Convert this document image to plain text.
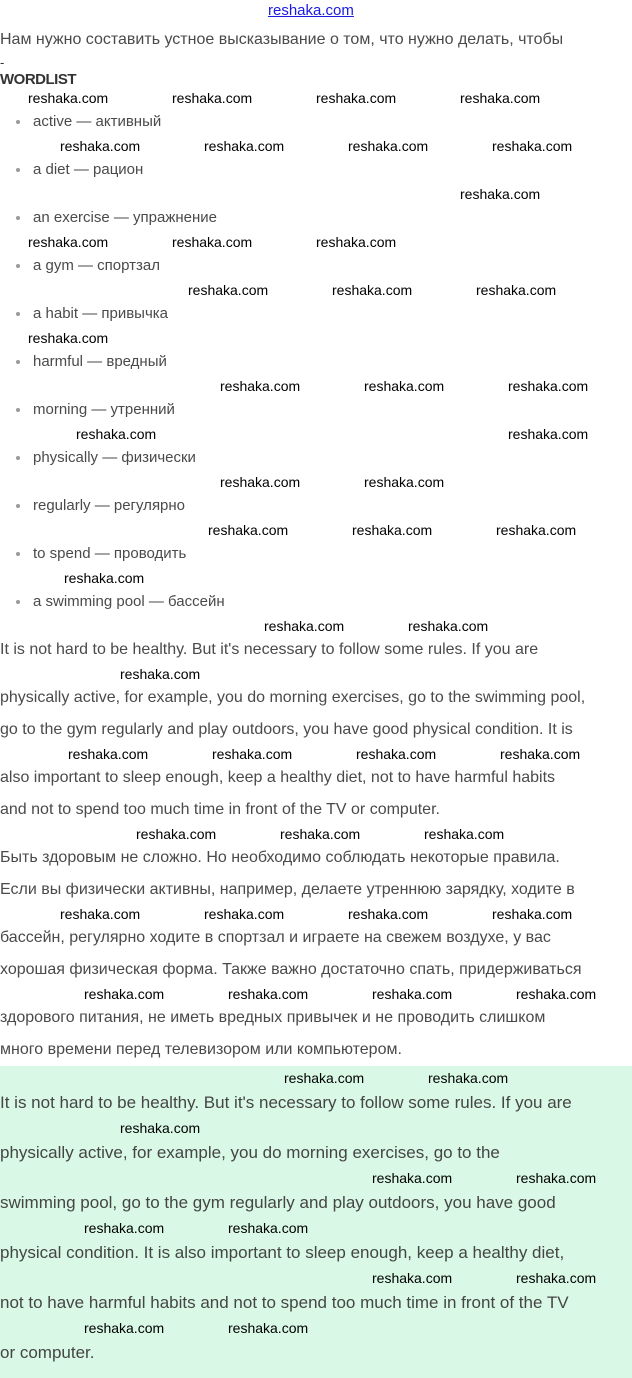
reshaka.com
Нам нужно составить устное высказывание о том, что нужно делать, чтобы
-
WORDLIST
reshaka.com	reshaka.com	reshaka.com	reshaka.com
active — активный
reshaka.com	reshaka.com	reshaka.com	reshaka.com
a diet — рацион
reshaka.com
an exercise — упражнение
reshaka.com	reshaka.com	reshaka.com
a gym — спортзал
reshaka.com	reshaka.com	reshaka.com
a habit — привычка
reshaka.com
harmful — вредный
reshaka.com	reshaka.com	reshaka.com
morning — утренний
reshaka.com	reshaka.com
physically — физически
reshaka.com	reshaka.com
regularly — регулярно
reshaka.com	reshaka.com	reshaka.com
to spend — проводить
reshaka.com
a swimming pool — бассейн
reshaka.com	reshaka.com
It is not hard to be healthy. But it's necessary to follow some rules. If you are
reshaka.com
physically active, for example, you do morning exercises, go to the swimming pool,
go to the gym regularly and play outdoors, you have good physical condition. It is
reshaka.com	reshaka.com	reshaka.com	reshaka.com
also important to sleep enough, keep a healthy diet, not to have harmful habits
and not to spend too much time in front of the TV or computer.
reshaka.com	reshaka.com	reshaka.com
Быть здоровым не сложно. Но необходимо соблюдать некоторые правила.
Если вы физически активны, например, делаете утреннюю зарядку, ходите в
reshaka.com	reshaka.com	reshaka.com	reshaka.com
бассейн, регулярно ходите в спортзал и играете на свежем воздухе, у вас
хорошая физическая форма. Также важно достаточно спать, придерживаться
reshaka.com	reshaka.com	reshaka.com	reshaka.com
здорового питания, не иметь вредных привычек и не проводить слишком
много времени перед телевизором или компьютером.
reshaka.com	reshaka.com
It is not hard to be healthy. But it's necessary to follow some rules. If you are
reshaka.com
physically active, for example, you do morning exercises, go to the
reshaka.com	reshaka.com
swimming pool, go to the gym regularly and play outdoors, you have good
reshaka.com	reshaka.com
physical condition. It is also important to sleep enough, keep a healthy diet,
reshaka.com	reshaka.com
not to have harmful habits and not to spend too much time in front of the TV
reshaka.com	reshaka.com
or computer.
